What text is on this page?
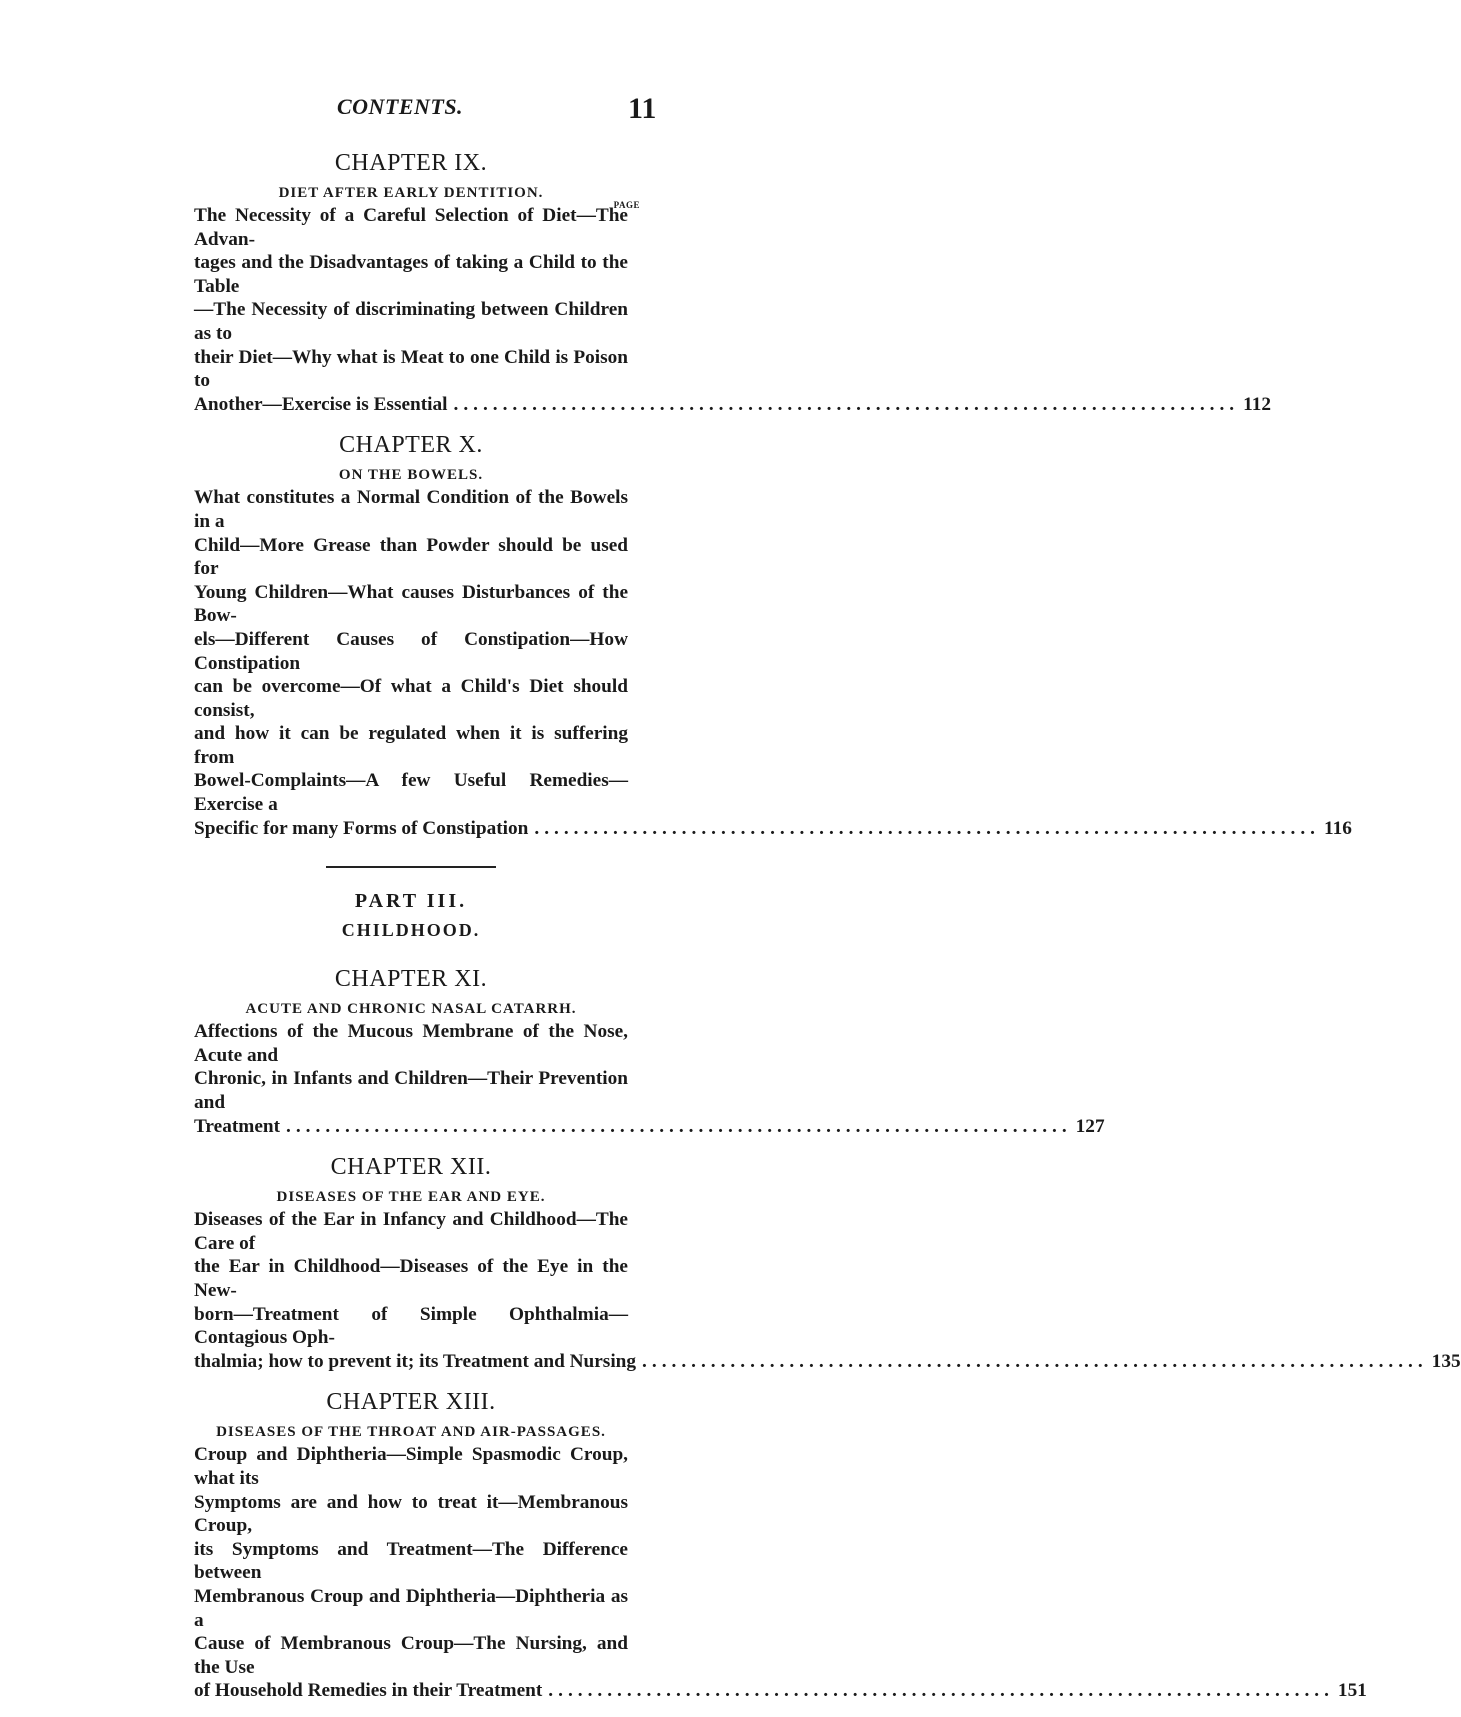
CONTENTS.	11
CHAPTER IX.
DIET AFTER EARLY DENTITION.
PAGE
The Necessity of a Careful Selection of Diet—The Advan-
tages and the Disadvantages of taking a Child to the Table
—The Necessity of discriminating between Children as to
their Diet—Why what is Meat to one Child is Poison to
Another—Exercise is Essential ................................................................................ 112
CHAPTER X.
ON THE BOWELS.
What constitutes a Normal Condition of the Bowels in a
Child—More Grease than Powder should be used for
Young Children—What causes Disturbances of the Bow-
els—Different Causes of Constipation—How Constipation
can be overcome—Of what a Child's Diet should consist,
and how it can be regulated when it is suffering from
Bowel-Complaints—A few Useful Remedies—Exercise a
Specific for many Forms of Constipation ................................................................................ 116
PART III.
CHILDHOOD.
CHAPTER XI.
ACUTE AND CHRONIC NASAL CATARRH.
Affections of the Mucous Membrane of the Nose, Acute and
Chronic, in Infants and Children—Their Prevention and
Treatment ................................................................................ 127
CHAPTER XII.
DISEASES OF THE EAR AND EYE.
Diseases of the Ear in Infancy and Childhood—The Care of
the Ear in Childhood—Diseases of the Eye in the New-
born—Treatment of Simple Ophthalmia—Contagious Oph-
thalmia; how to prevent it; its Treatment and Nursing ................................................................................ 135
CHAPTER XIII.
DISEASES OF THE THROAT AND AIR-PASSAGES.
Croup and Diphtheria—Simple Spasmodic Croup, what its
Symptoms are and how to treat it—Membranous Croup,
its Symptoms and Treatment—The Difference between
Membranous Croup and Diphtheria—Diphtheria as a
Cause of Membranous Croup—The Nursing, and the Use
of Household Remedies in their Treatment ................................................................................ 151
